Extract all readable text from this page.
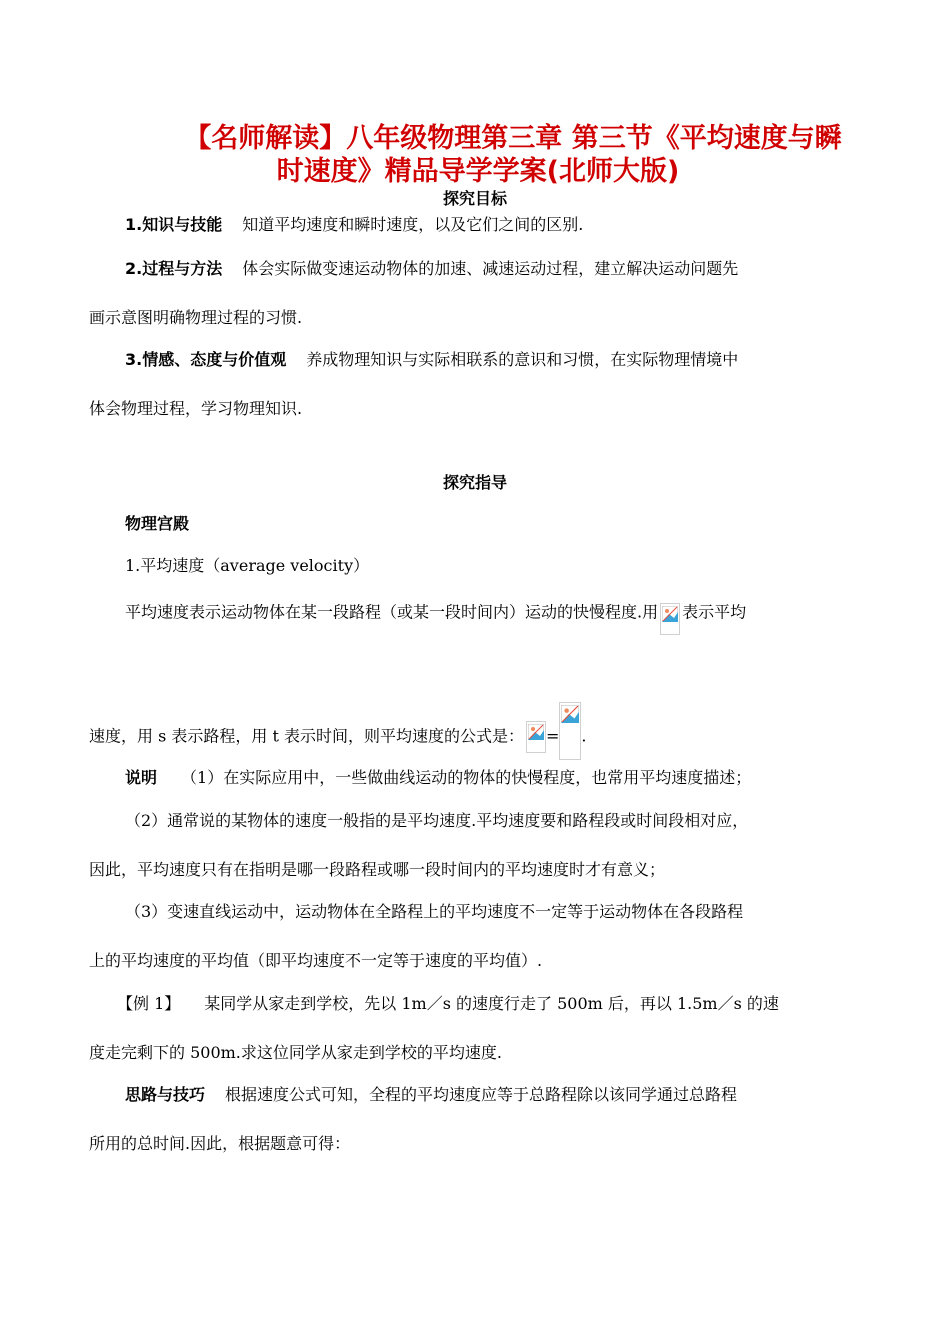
【名师解读】八年级物理第三章 第三节《平均速度与瞬
时速度》精品导学学案(北师大版)
探究目标

1.知识与技能 知道平均速度和瞬时速度，以及它们之间的区别.

2.过程与方法 体会实际做变速运动物体的加速、减速运动过程，建立解决运动问题先

画示意图明确物理过程的习惯.

3.情感、态度与价值观 养成物理知识与实际相联系的意识和习惯，在实际物理情境中

体会物理过程，学习物理知识.

探究指导

物理宫殿

1.平均速度（average velocity）

平均速度表示运动物体在某一段路程（或某一段时间内）运动的快慢程度.用 表示平均

速度，用 s 表示路程，用 t 表示时间，则平均速度的公式是： = .

说明 （1）在实际应用中，一些做曲线运动的物体的快慢程度，也常用平均速度描述；

（2）通常说的某物体的速度一般指的是平均速度.平均速度要和路程段或时间段相对应，

因此，平均速度只有在指明是哪一段路程或哪一段时间内的平均速度时才有意义；

（3）变速直线运动中，运动物体在全路程上的平均速度不一定等于运动物体在各段路程

上的平均速度的平均值（即平均速度不一定等于速度的平均值）.

【例 1】 某同学从家走到学校，先以 1m／s 的速度行走了 500m 后，再以 1.5m／s 的速

度走完剩下的 500m.求这位同学从家走到学校的平均速度.

思路与技巧 根据速度公式可知，全程的平均速度应等于总路程除以该同学通过总路程

所用的总时间.因此，根据题意可得：
